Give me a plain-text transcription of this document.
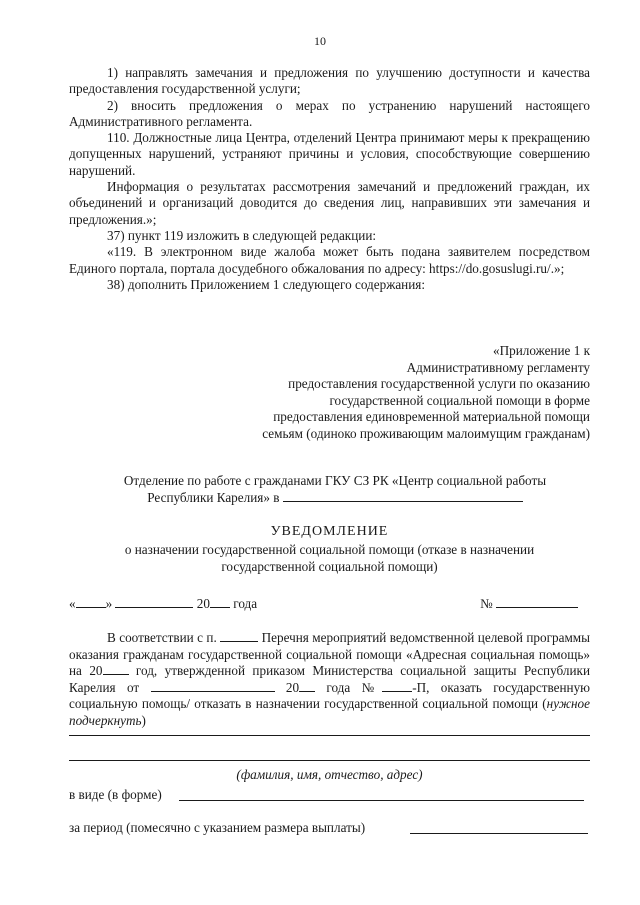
10

1) направлять замечания и предложения по улучшению доступности и качества предоставления государственной услуги;

2) вносить предложения о мерах по устранению нарушений настоящего Административного регламента.

110. Должностные лица Центра, отделений Центра принимают меры к прекращению допущенных нарушений, устраняют причины и условия, способствующие совершению нарушений.

Информация о результатах рассмотрения замечаний и предложений граждан, их объединений и организаций доводится до сведения лиц, направивших эти замечания и предложения.»;

37) пункт 119 изложить в следующей редакции:

«119. В электронном виде жалоба может быть подана заявителем посредством Единого портала, портала досудебного обжалования по адресу: https://do.gosuslugi.ru/.»;

38) дополнить Приложением 1 следующего содержания:

«Приложение 1 к
Административному регламенту
предоставления государственной услуги по оказанию
государственной социальной помощи в форме
предоставления единовременной материальной помощи
семьям (одиноко проживающим малоимущим гражданам)
Отделение по работе с гражданами ГКУ СЗ РК «Центр социальной работы
Республики Карелия» в
УВЕДОМЛЕНИЕ
о назначении государственной социальной помощи (отказе в назначении
государственной социальной помощи)
« »	20 года	№

В соответствии с п.	Перечня мероприятий ведомственной целевой программы оказания гражданам государственной социальной помощи «Адресная социальная помощь» на 20	год, утвержденной приказом Министерства социальной защиты Республики Карелия от	20 года № -П, оказать государственную социальную помощь/ отказать в назначении государственной социальной помощи (нужное подчеркнуть)

(фамилия, имя, отчество, адрес)
в виде (в форме)
за период (помесячно с указанием размера выплаты)
